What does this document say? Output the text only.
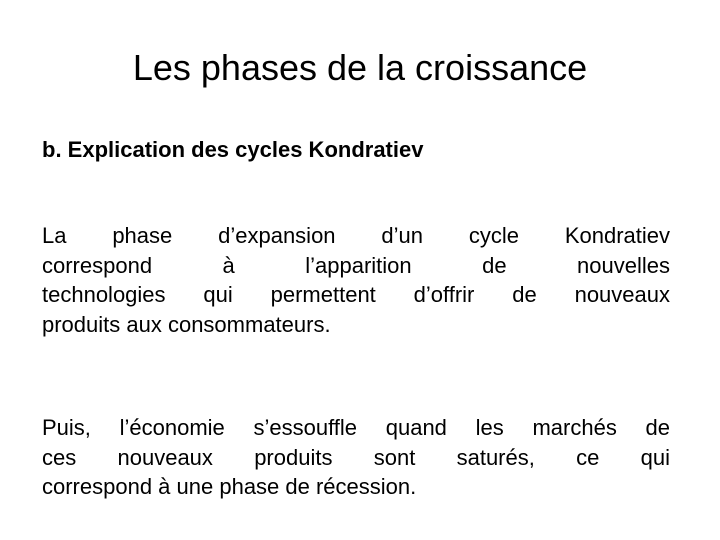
Les phases de la croissance
b. Explication des cycles Kondratiev
La phase d’expansion d’un cycle Kondratiev
correspond à l’apparition de nouvelles
technologies qui permettent d’offrir de nouveaux
produits aux consommateurs.
Puis, l’économie s’essouffle quand les marchés de
ces nouveaux produits sont saturés, ce qui
correspond à une phase de récession.
